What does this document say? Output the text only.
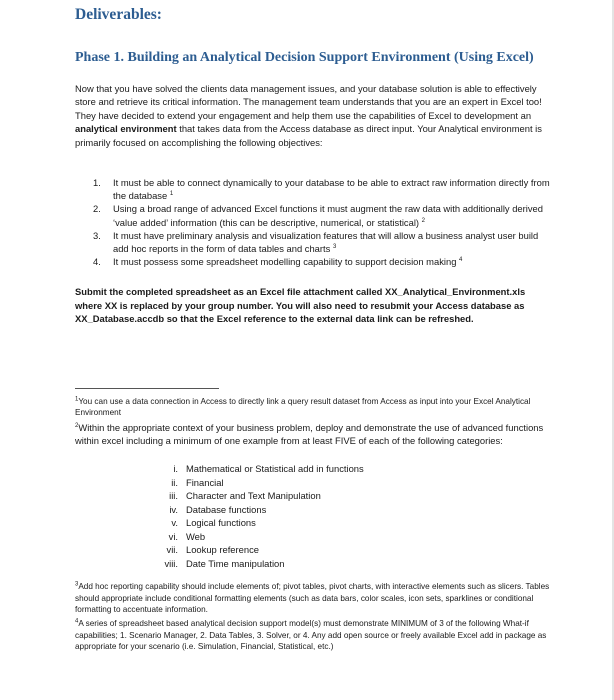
Deliverables:
Phase 1. Building an Analytical Decision Support Environment (Using Excel)

Now that you have solved the clients data management issues, and your database solution is able to effectively store and retrieve its critical information. The management team understands that you are an expert in Excel too! They have decided to extend your engagement and help them use the capabilities of Excel to development an analytical environment that takes data from the Access database as direct input. Your Analytical environment is primarily focused on accomplishing the following objectives:

1. It must be able to connect dynamically to your database to be able to extract raw information directly from the database $^1$
2. Using a broad range of advanced Excel functions it must augment the raw data with additionally derived ‘value added’ information (this can be descriptive, numerical, or statistical) $^2$
3. It must have preliminary analysis and visualization features that will allow a business analyst user build add hoc reports in the form of data tables and charts $^3$
4. It must possess some spreadsheet modelling capability to support decision making $^4$

Submit the completed spreadsheet as an Excel file attachment called XX_Analytical_Environment.xls where XX is replaced by your group number. You will also need to resubmit your Access database as XX_Database.accdb so that the Excel reference to the external data link can be refreshed.

$^1$You can use a data connection in Access to directly link a query result dataset from Access as input into your Excel Analytical Environment

$^2$Within the appropriate context of your business problem, deploy and demonstrate the use of advanced functions within excel including a minimum of one example from at least FIVE of each of the following categories:

i. Mathematical or Statistical add in functions
ii. Financial
iii. Character and Text Manipulation
iv. Database functions
v. Logical functions
vi. Web
vii. Lookup reference
viii. Date Time manipulation

$^3$Add hoc reporting capability should include elements of; pivot tables, pivot charts, with interactive elements such as slicers. Tables should appropriate include conditional formatting elements (such as data bars, color scales, icon sets, sparklines or conditional formatting to accentuate information.

$^4$A series of spreadsheet based analytical decision support model(s) must demonstrate MINIMUM of 3 of the following What-if capabilities; 1. Scenario Manager, 2. Data Tables, 3. Solver, or 4. Any add open source or freely available Excel add in package as appropriate for your scenario (i.e. Simulation, Financial, Statistical, etc.)
